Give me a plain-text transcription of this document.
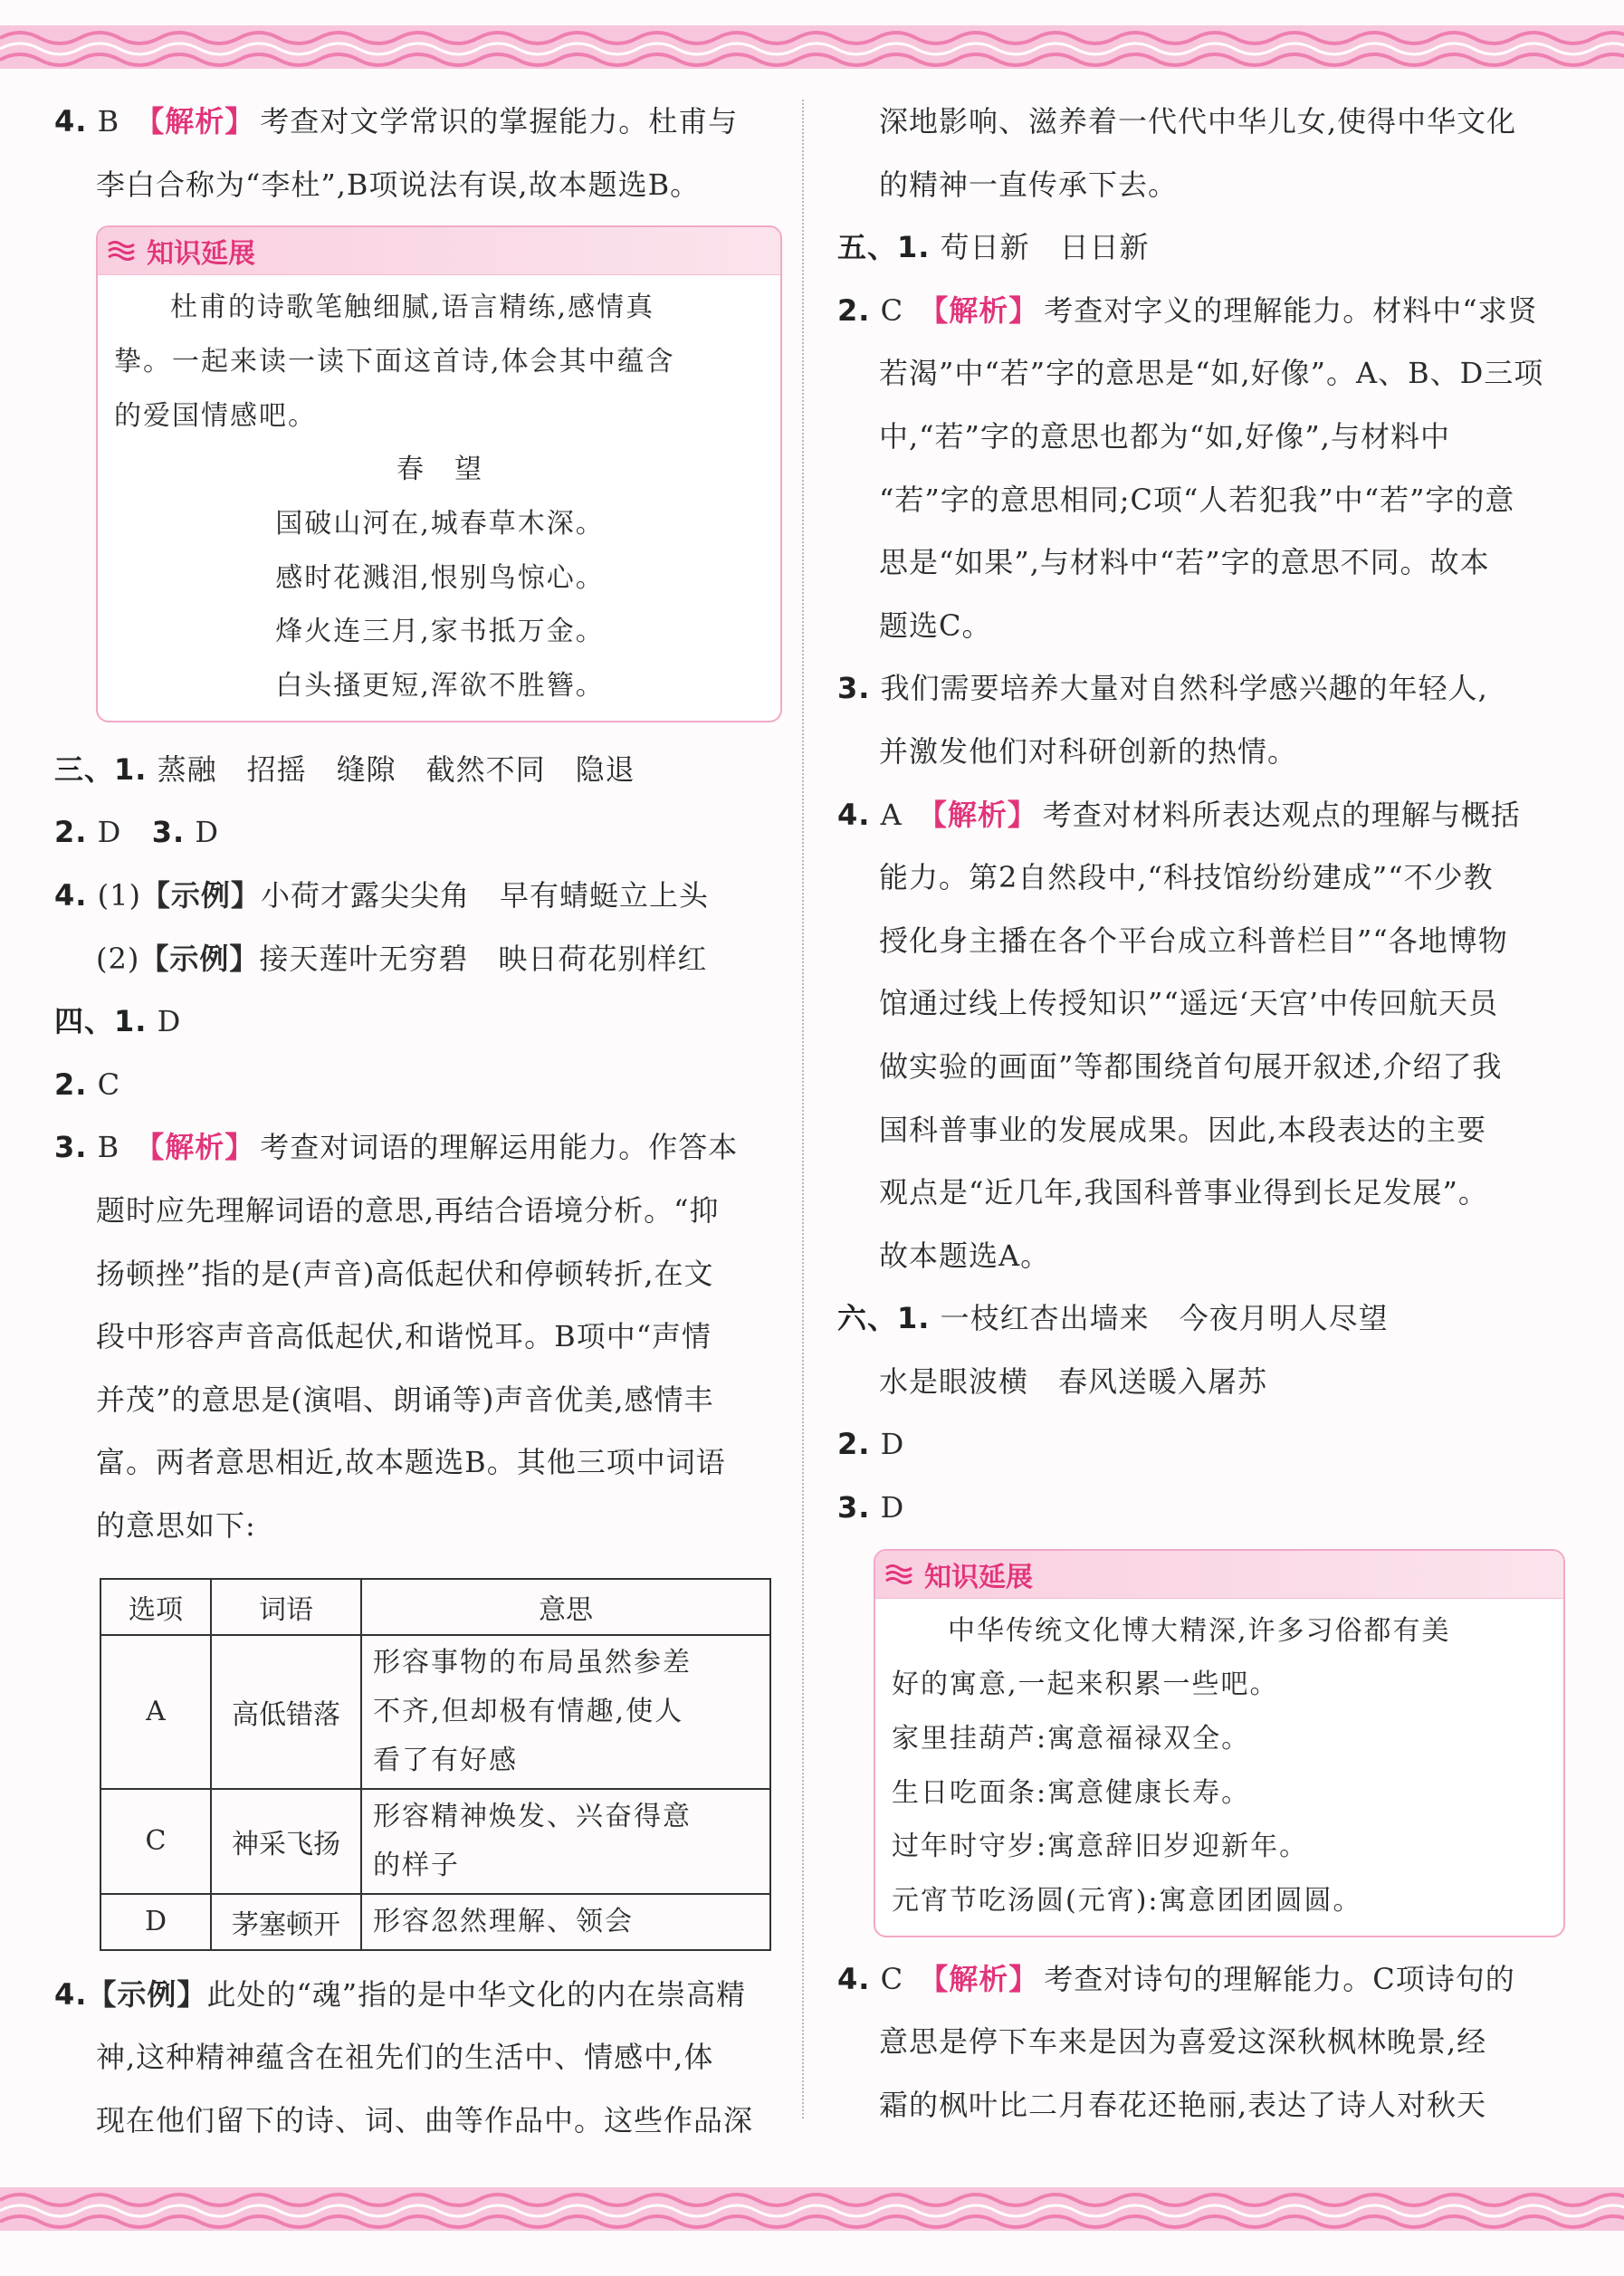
4. B 【解析】 考查对文学常识的掌握能力。杜甫与
李白合称为“李杜”,B项说法有误,故本题选B。
知识延展
杜甫的诗歌笔触细腻,语言精练,感情真
挚。一起来读一读下面这首诗,体会其中蕴含
的爱国情感吧。
春　望
国破山河在,城春草木深。
感时花溅泪,恨别鸟惊心。
烽火连三月,家书抵万金。
白头搔更短,浑欲不胜簪。
三、1. 蒸融　招摇　缝隙　截然不同　隐退
2. D 3. D
4. (1)【示例】小荷才露尖尖角　早有蜻蜓立上头
(2)【示例】接天莲叶无穷碧　映日荷花别样红
四、1. D
2. C
3. B 【解析】 考查对词语的理解运用能力。作答本
题时应先理解词语的意思,再结合语境分析。“抑
扬顿挫”指的是(声音)高低起伏和停顿转折,在文
段中形容声音高低起伏,和谐悦耳。B项中“声情
并茂”的意思是(演唱、朗诵等)声音优美,感情丰
富。两者意思相近,故本题选B。其他三项中词语
的意思如下:
选项	词语	意思
A	高低错落	形容事物的布局虽然参差
不齐,但却极有情趣,使人
看了有好感

C	神采飞扬	形容精神焕发、兴奋得意
的样子

D	茅塞顿开	形容忽然理解、领会
4.【示例】此处的“魂”指的是中华文化的内在崇高精
神,这种精神蕴含在祖先们的生活中、情感中,体
现在他们留下的诗、词、曲等作品中。这些作品深
深地影响、滋养着一代代中华儿女,使得中华文化
的精神一直传承下去。
五、1. 苟日新　日日新
2. C 【解析】 考查对字义的理解能力。材料中“求贤
若渴”中“若”字的意思是“如,好像”。A、B、D三项
中,“若”字的意思也都为“如,好像”,与材料中
“若”字的意思相同;C项“人若犯我”中“若”字的意
思是“如果”,与材料中“若”字的意思不同。故本
题选C。
3. 我们需要培养大量对自然科学感兴趣的年轻人,
并激发他们对科研创新的热情。
4. A 【解析】 考查对材料所表达观点的理解与概括
能力。第2自然段中,“科技馆纷纷建成”“不少教
授化身主播在各个平台成立科普栏目”“各地博物
馆通过线上传授知识”“遥远‘天宫’中传回航天员
做实验的画面”等都围绕首句展开叙述,介绍了我
国科普事业的发展成果。因此,本段表达的主要
观点是“近几年,我国科普事业得到长足发展”。
故本题选A。
六、1. 一枝红杏出墙来　今夜月明人尽望
水是眼波横　春风送暖入屠苏
2. D
3. D
知识延展
中华传统文化博大精深,许多习俗都有美
好的寓意,一起来积累一些吧。
家里挂葫芦:寓意福禄双全。
生日吃面条:寓意健康长寿。
过年时守岁:寓意辞旧岁迎新年。
元宵节吃汤圆(元宵):寓意团团圆圆。
4. C 【解析】 考查对诗句的理解能力。C项诗句的
意思是停下车来是因为喜爱这深秋枫林晚景,经
霜的枫叶比二月春花还艳丽,表达了诗人对秋天
